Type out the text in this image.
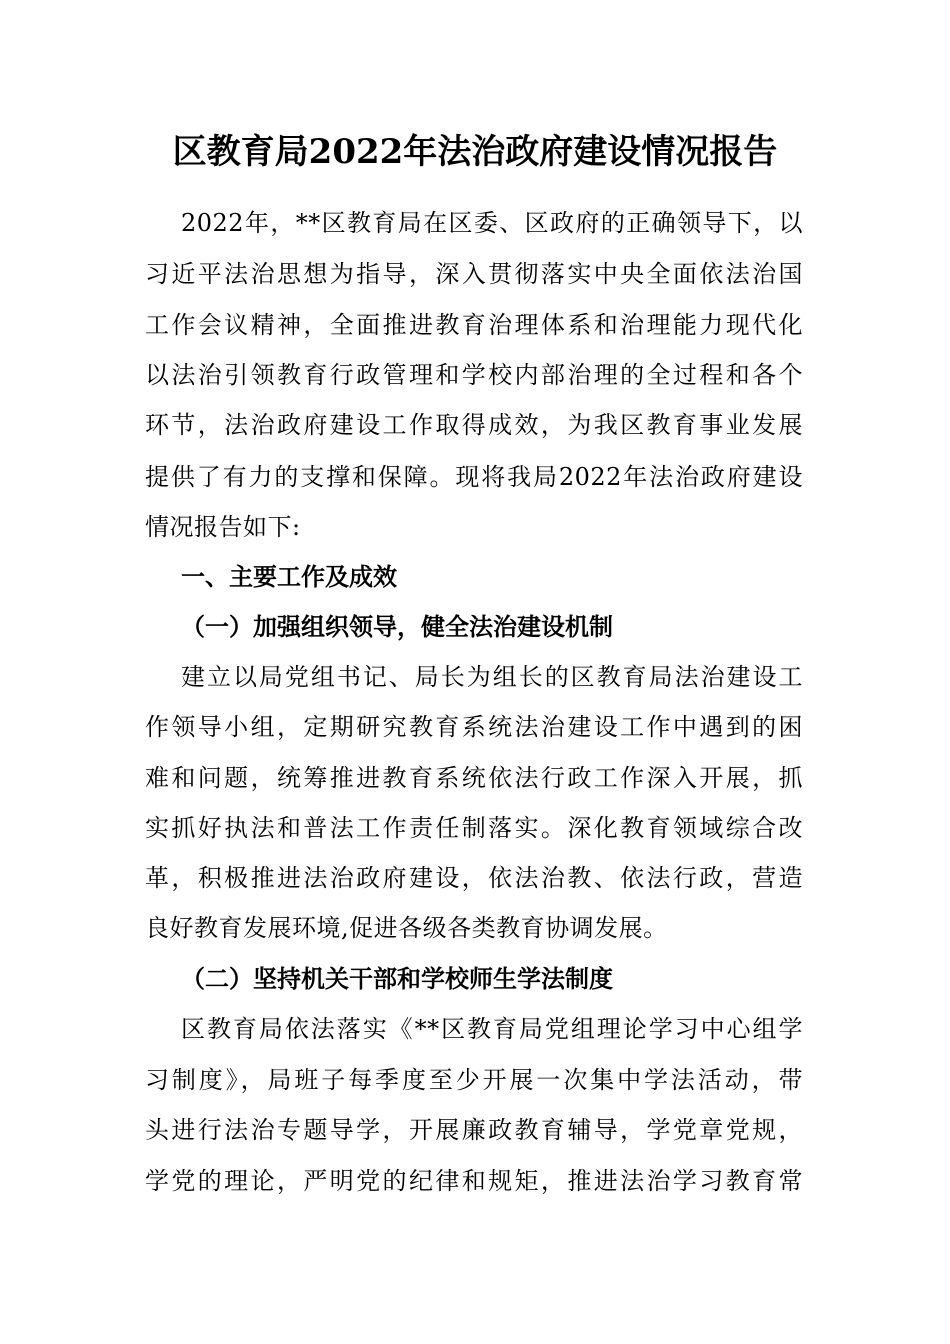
区教育局2022年法治政府建设情况报告

2022年，**区教育局在区委、区政府的正确领导下，以

习近平法治思想为指导，深入贯彻落实中央全面依法治国

工作会议精神，全面推进教育治理体系和治理能力现代化

以法治引领教育行政管理和学校内部治理的全过程和各个

环节，法治政府建设工作取得成效，为我区教育事业发展

提供了有力的支撑和保障。现将我局2022年法治政府建设

情况报告如下:

一、主要工作及成效

（一）加强组织领导，健全法治建设机制

建立以局党组书记、局长为组长的区教育局法治建设工

作领导小组，定期研究教育系统法治建设工作中遇到的困

难和问题，统筹推进教育系统依法行政工作深入开展，抓

实抓好执法和普法工作责任制落实。深化教育领域综合改

革，积极推进法治政府建设，依法治教、依法行政，营造

良好教育发展环境,促进各级各类教育协调发展。

（二）坚持机关干部和学校师生学法制度

区教育局依法落实《**区教育局党组理论学习中心组学

习制度》，局班子每季度至少开展一次集中学法活动，带

头进行法治专题导学，开展廉政教育辅导，学党章党规，

学党的理论，严明党的纪律和规矩，推进法治学习教育常
